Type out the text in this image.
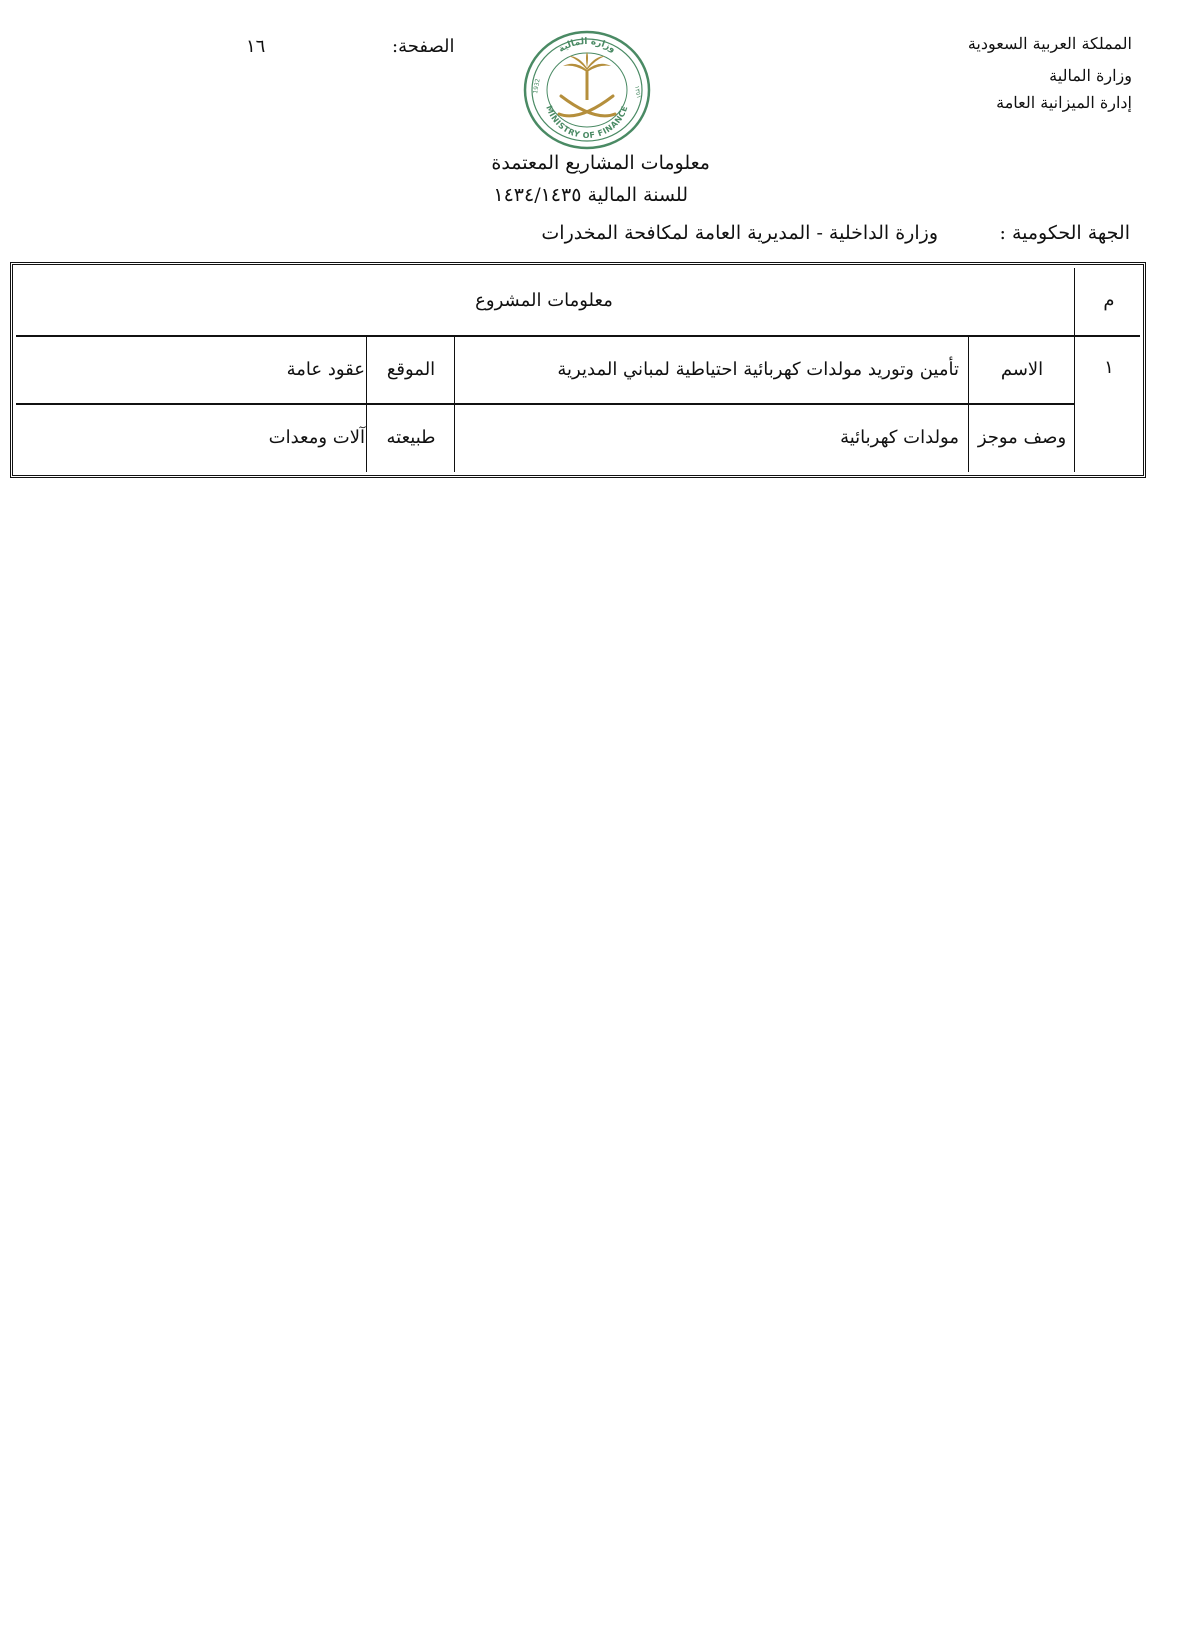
المملكة العربية السعودية
وزارة المالية
إدارة الميزانية العامة
الصفحة:
١٦	وزارة المالية
MINISTRY OF FINANCE
1932	١٣٥١
معلومات المشاريع المعتمدة
للسنة المالية ١٤٣٤/١٤٣٥
الجهة الحكومية :
وزارة الداخلية - المديرية العامة لمكافحة المخدرات
م
معلومات المشروع
١
الاسم
تأمين وتوريد مولدات كهربائية احتياطية لمباني المديرية
الموقع
عقود عامة
وصف موجز
مولدات كهربائية
طبيعته
آلات ومعدات
